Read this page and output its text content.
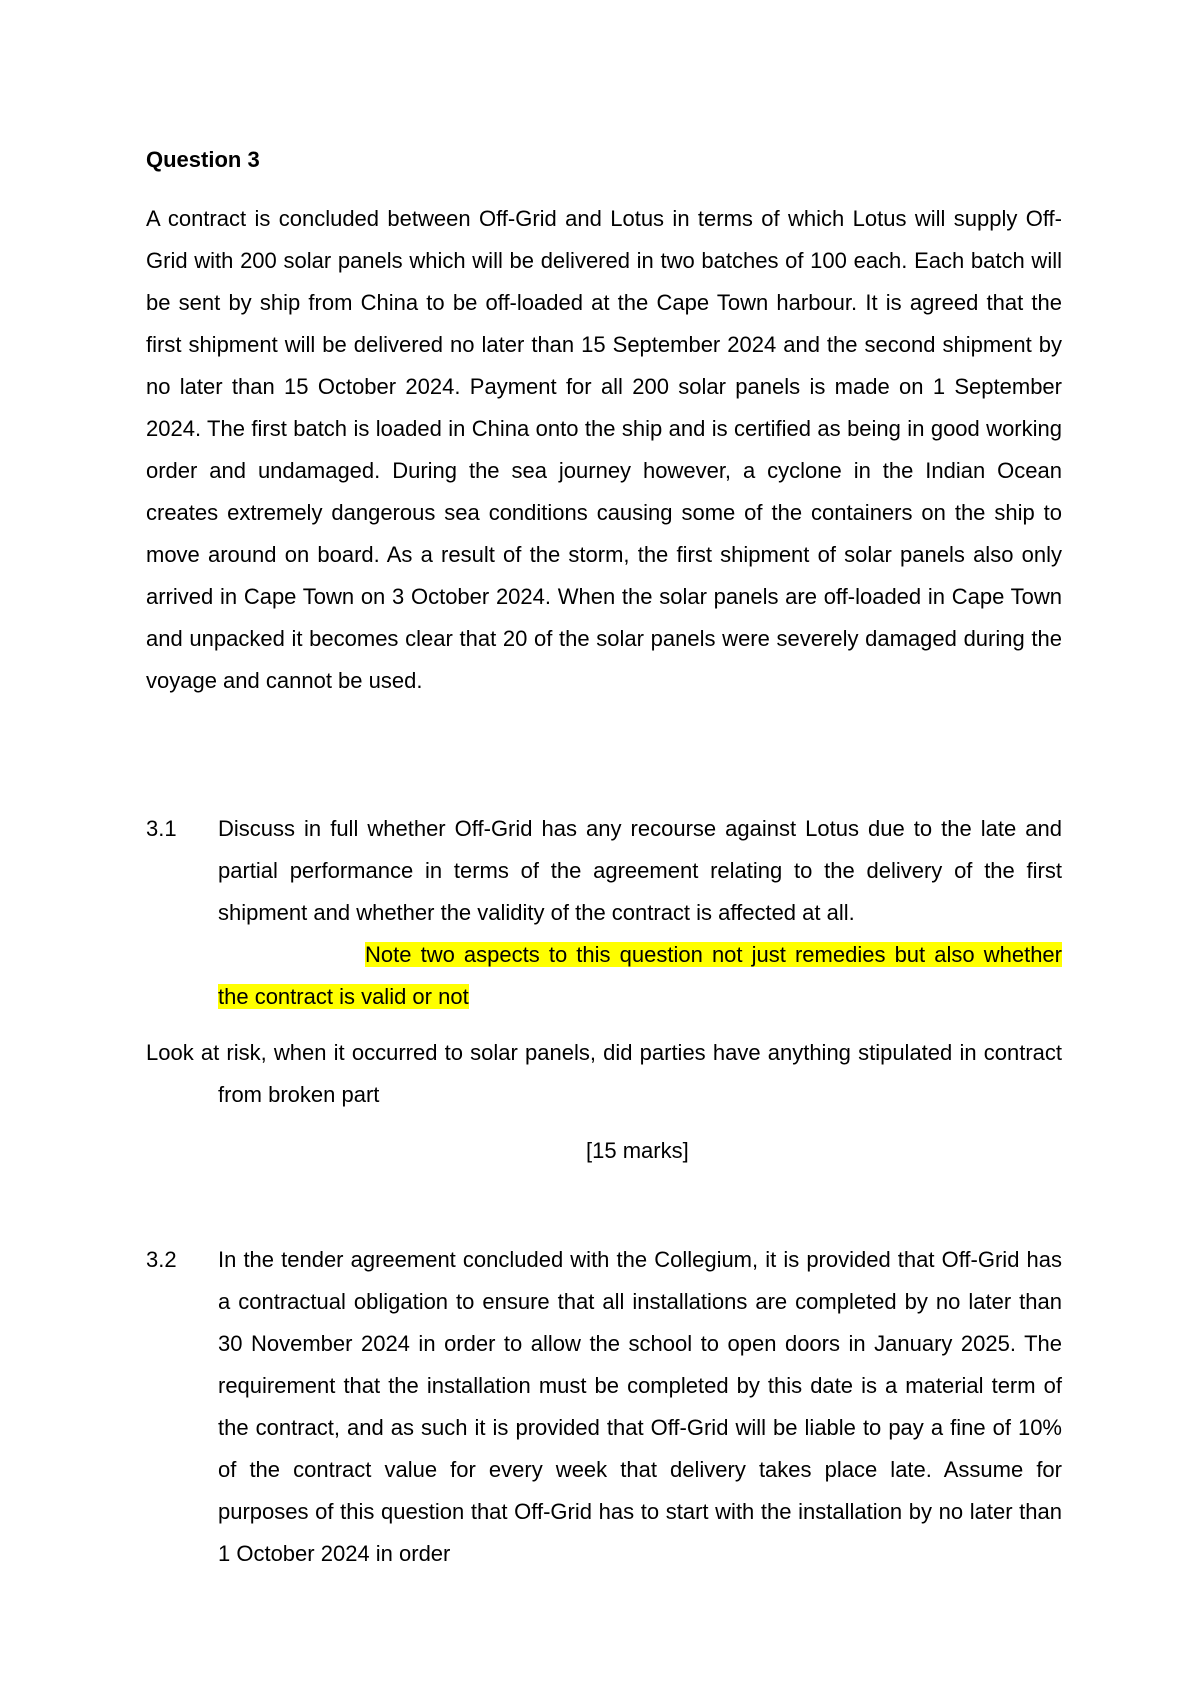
Question 3

A contract is concluded between Off-Grid and Lotus in terms of which Lotus will supply Off-Grid with 200 solar panels which will be delivered in two batches of 100 each. Each batch will be sent by ship from China to be off-loaded at the Cape Town harbour. It is agreed that the first shipment will be delivered no later than 15 September 2024 and the second shipment by no later than 15 October 2024. Payment for all 200 solar panels is made on 1 September 2024. The first batch is loaded in China onto the ship and is certified as being in good working order and undamaged. During the sea journey however, a cyclone in the Indian Ocean creates extremely dangerous sea conditions causing some of the containers on the ship to move around on board. As a result of the storm, the first shipment of solar panels also only arrived in Cape Town on 3 October 2024. When the solar panels are off-loaded in Cape Town and unpacked it becomes clear that 20 of the solar panels were severely damaged during the voyage and cannot be used.

3.1 Discuss in full whether Off-Grid has any recourse against Lotus due to the late and partial performance in terms of the agreement relating to the delivery of the first shipment and whether the validity of the contract is affected at all.
Note two aspects to this question not just remedies but also whether the contract is valid or not
Look at risk, when it occurred to solar panels, did parties have anything stipulated in contract from broken part
[15 marks]
3.2 In the tender agreement concluded with the Collegium, it is provided that Off-Grid has a contractual obligation to ensure that all installations are completed by no later than 30 November 2024 in order to allow the school to open doors in January 2025. The requirement that the installation must be completed by this date is a material term of the contract, and as such it is provided that Off-Grid will be liable to pay a fine of 10% of the contract value for every week that delivery takes place late. Assume for purposes of this question that Off-Grid has to start with the installation by no later than 1 October 2024 in order
